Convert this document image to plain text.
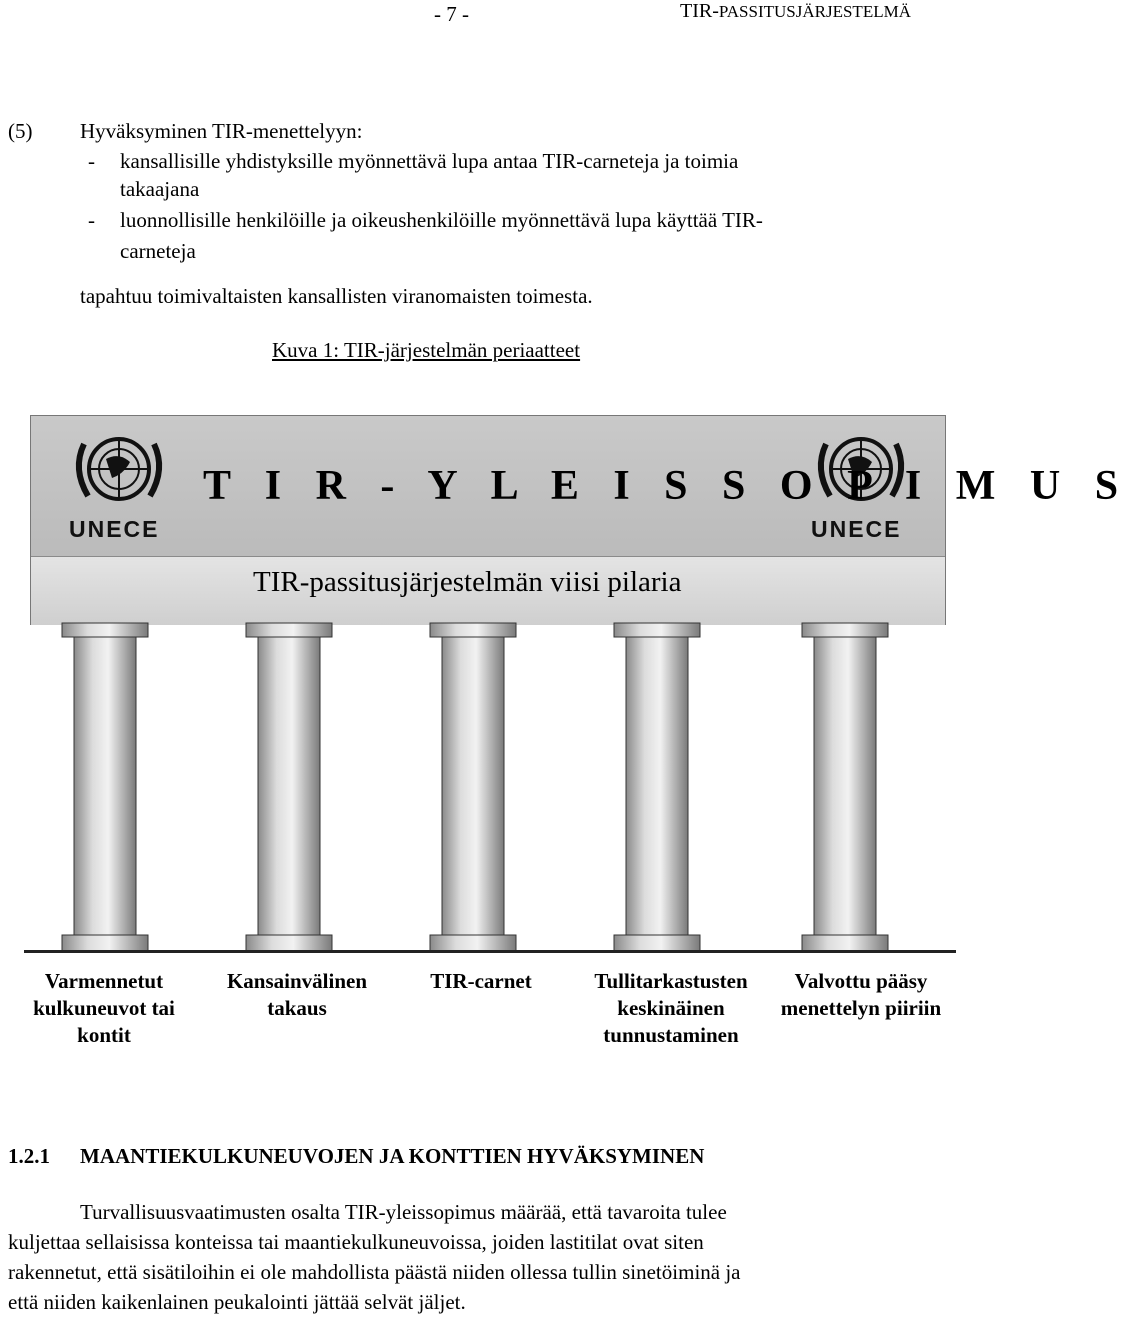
- 7 -	TIR-PASSITUSJÄRJESTELMÄ
(5) Hyväksyminen TIR-menettelyyn:
- kansallisille yhdistyksille myönnettävä lupa antaa TIR-carneteja ja toimia
takaajana
- luonnollisille henkilöille ja oikeushenkilöille myönnettävä lupa käyttää TIR-
carneteja
tapahtuu toimivaltaisten kansallisten viranomaisten toimesta.
Kuva 1: TIR-järjestelmän periaatteet
UNECE	UNECE
T I R - Y L E I S S O P I M U S
TIR-passitusjärjestelmän viisi pilaria
Varmennetut
kulkuneuvot tai
kontit
Kansainvälinen
takaus
TIR-carnet	Tullitarkastusten
keskinäinen
tunnustaminen
Valvottu pääsy
menettelyn piiriin
1.2.1 MAANTIEKULKUNEUVOJEN JA KONTTIEN HYVÄKSYMINEN
Turvallisuusvaatimusten osalta TIR-yleissopimus määrää, että tavaroita tulee
kuljettaa sellaisissa konteissa tai maantiekulkuneuvoissa, joiden lastitilat ovat siten
rakennetut, että sisätiloihin ei ole mahdollista päästä niiden ollessa tullin sinetöiminä ja
että niiden kaikenlainen peukalointi jättää selvät jäljet.
